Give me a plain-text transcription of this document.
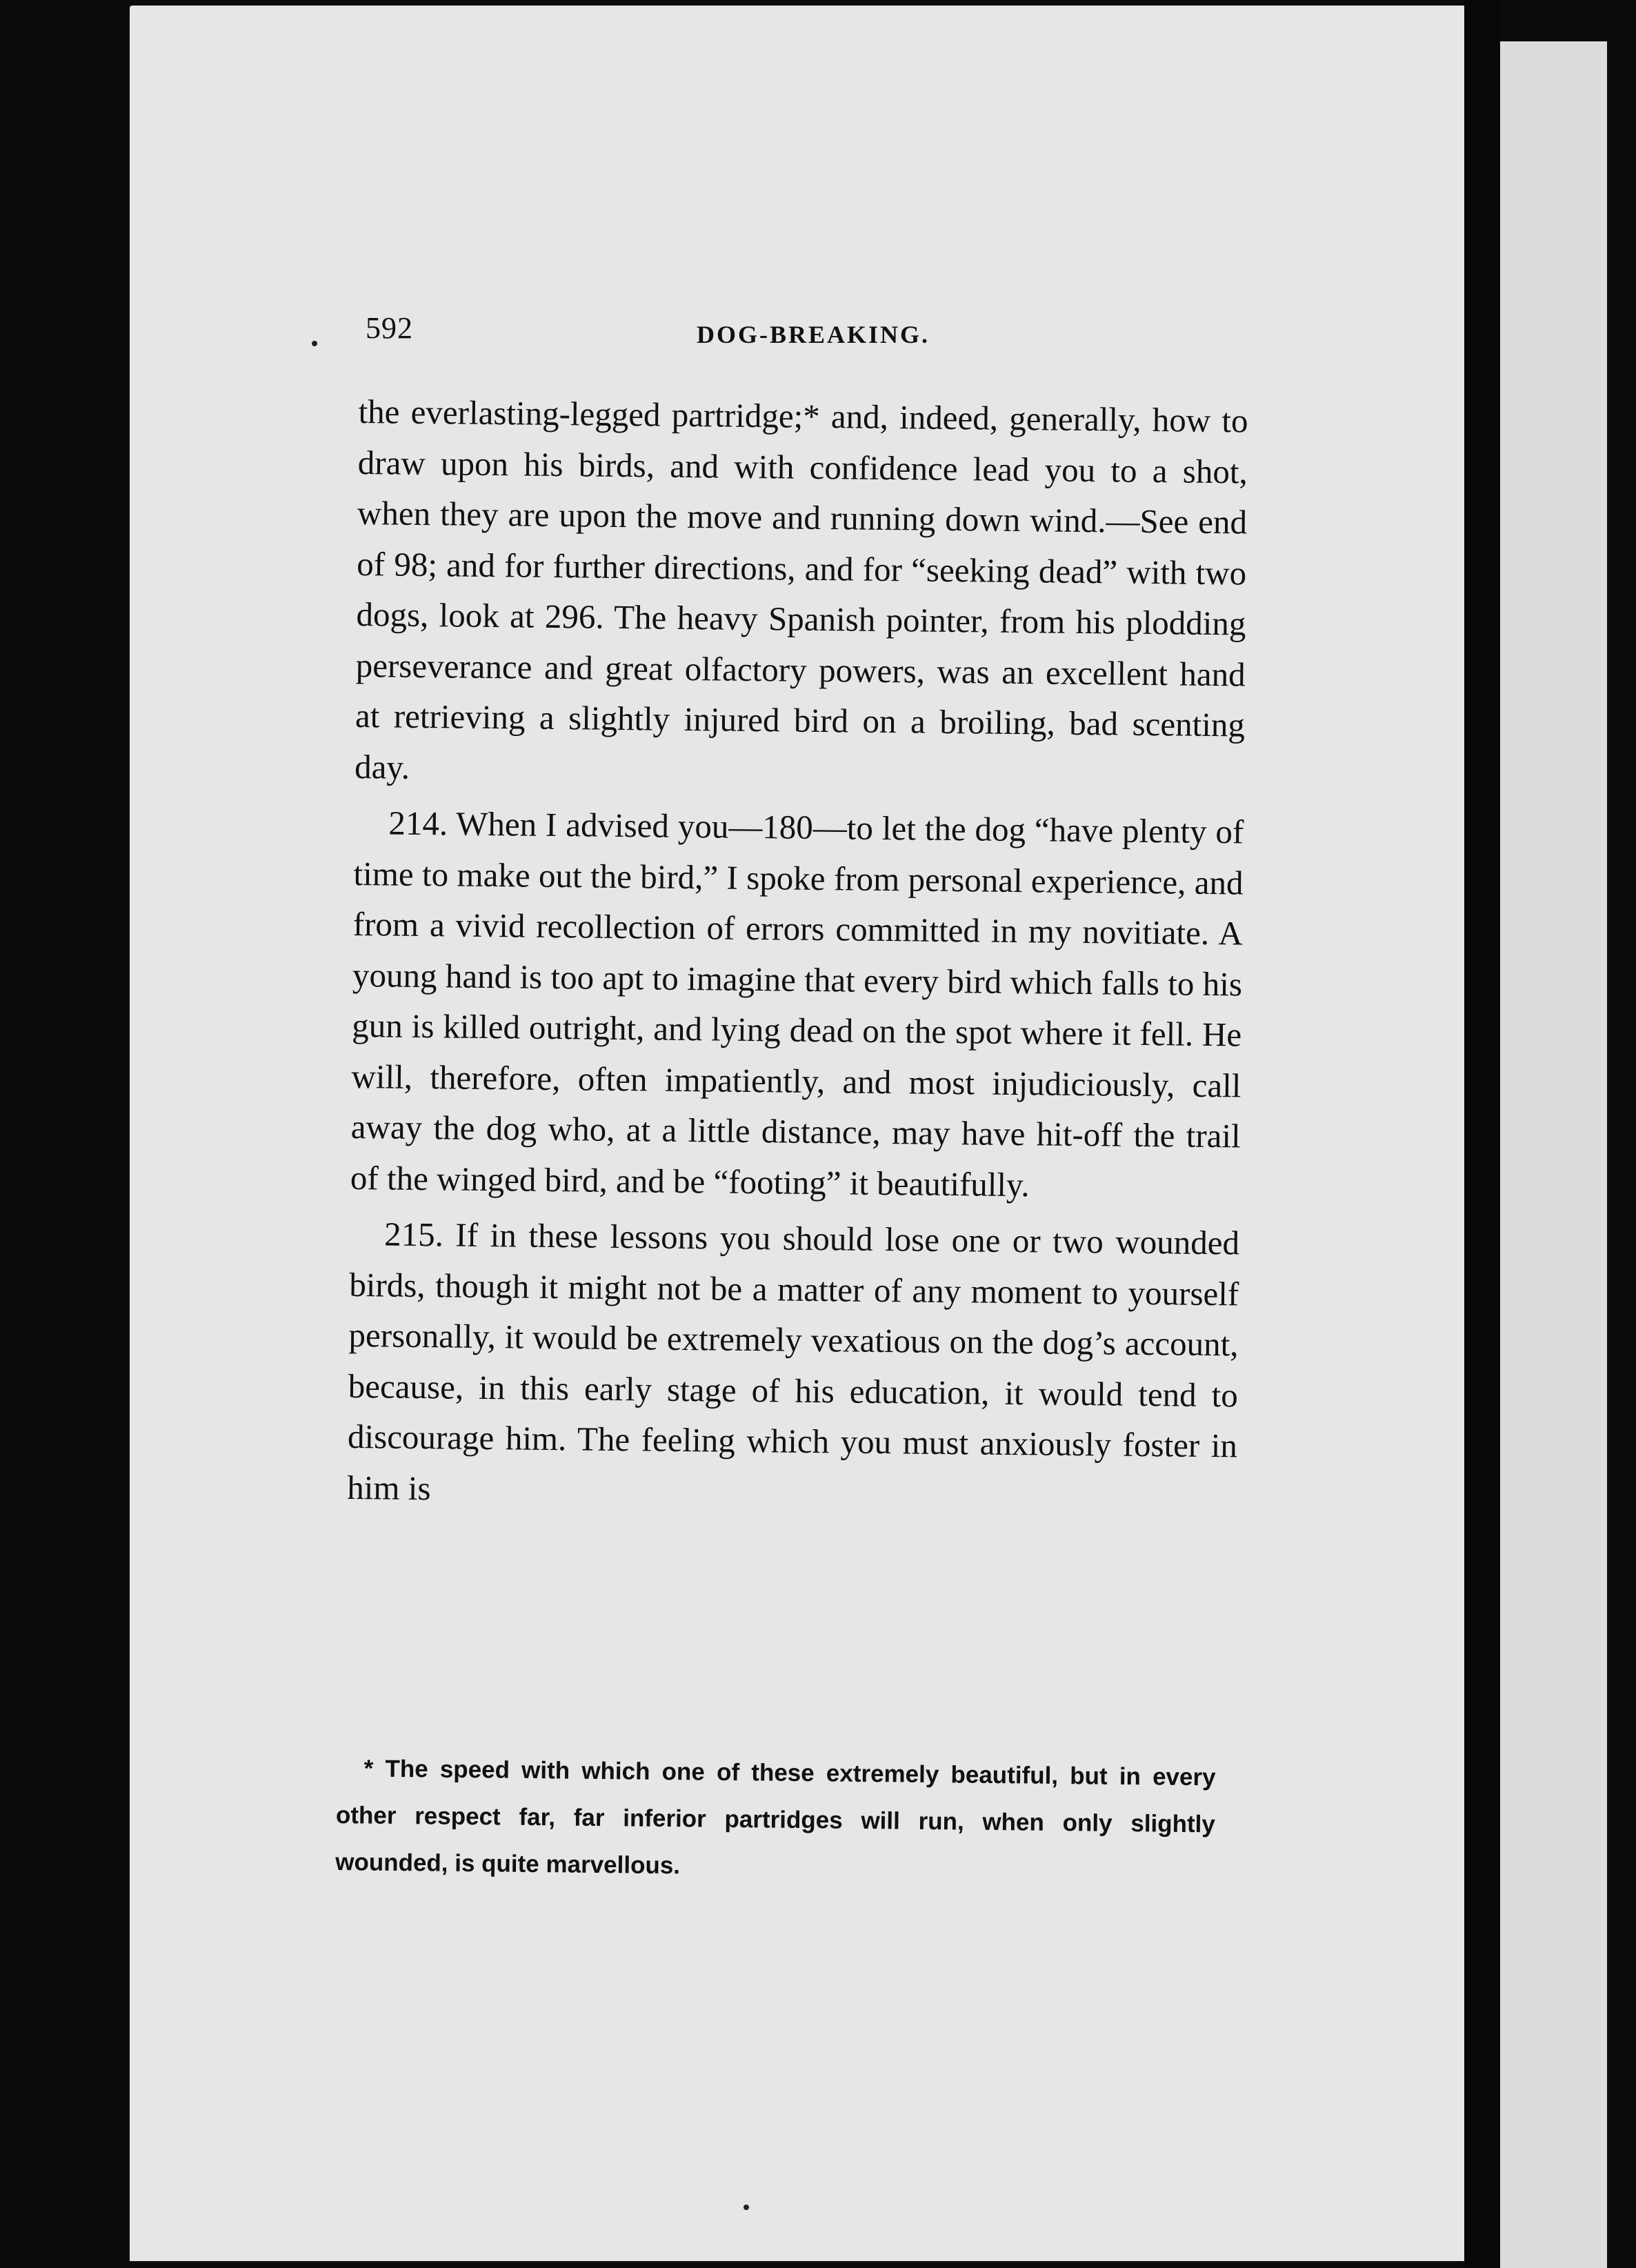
592	DOG-BREAKING.

the everlasting-legged partridge;* and, indeed, generally, how to draw upon his birds, and with confidence lead you to a shot, when they are upon the move and running down wind.—See end of 98; and for further directions, and for “seeking dead” with two dogs, look at 296. The heavy Spanish pointer, from his plodding perseverance and great olfactory powers, was an excellent hand at retrieving a slightly injured bird on a broiling, bad scenting day.

214. When I advised you—180—to let the dog “have plenty of time to make out the bird,” I spoke from personal experience, and from a vivid recollection of errors committed in my novitiate. A young hand is too apt to imagine that every bird which falls to his gun is killed outright, and lying dead on the spot where it fell. He will, therefore, often impatiently, and most injudiciously, call away the dog who, at a little distance, may have hit-off the trail of the winged bird, and be “footing” it beautifully.

215. If in these lessons you should lose one or two wounded birds, though it might not be a matter of any moment to yourself personally, it would be extremely vexatious on the dog’s account, because, in this early stage of his education, it would tend to discourage him. The feeling which you must anxiously foster in him is

* The speed with which one of these extremely beautiful, but in every other respect far, far inferior partridges will run, when only slightly wounded, is quite marvellous.
